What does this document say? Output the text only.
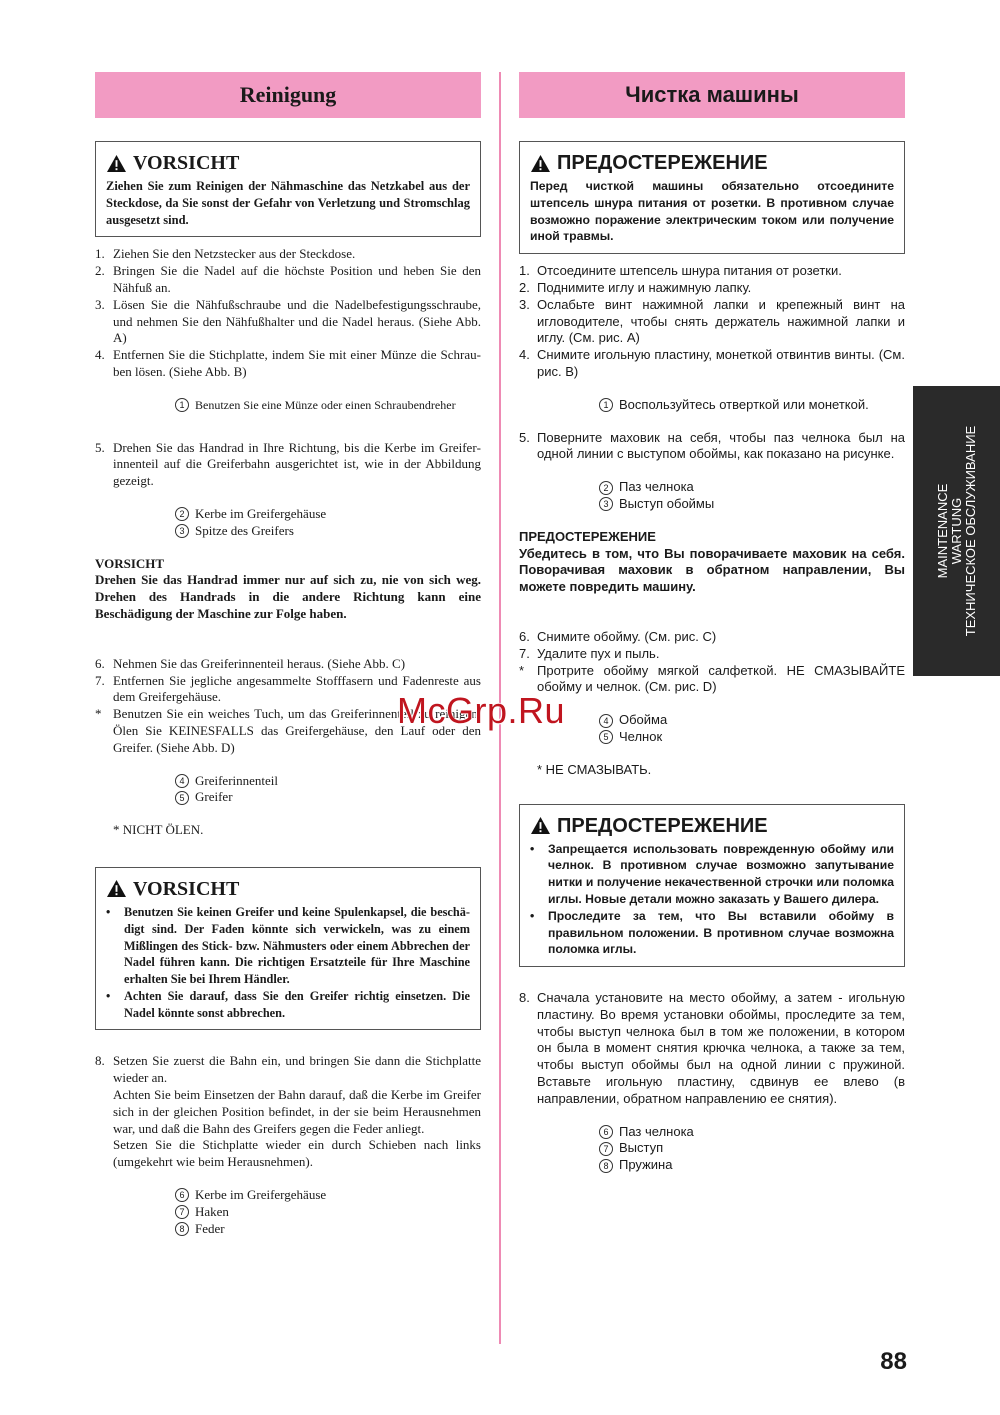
Reinigung
VORSICHT
Ziehen Sie zum Reinigen der Nähmaschine das Netzkabel aus der Steckdose, da Sie sonst der Gefahr von Verletzung und Stromschlag ausgesetzt sind.
1. Ziehen Sie den Netzstecker aus der Steckdose.
2. Bringen Sie die Nadel auf die höchste Position und heben Sie den Nähfuß an.
3. Lösen Sie die Nähfußschraube und die Nadelbefestigungsschraube, und nehmen Sie den Nähfußhalter und die Nadel heraus. (Siehe Abb. A)
4. Entfernen Sie die Stichplatte, indem Sie mit einer Münze die Schrauben lösen. (Siehe Abb. B)
1 Benutzen Sie eine Münze oder einen Schraubendreher
5. Drehen Sie das Handrad in Ihre Richtung, bis die Kerbe im Greiferinnenteil auf die Greiferbahn ausgerichtet ist, wie in der Abbildung gezeigt.
2 Kerbe im Greifergehäuse
3 Spitze des Greifers
VORSICHT
Drehen Sie das Handrad immer nur auf sich zu, nie von sich weg. Drehen des Handrads in die andere Richtung kann eine Beschädigung der Maschine zur Folge haben.
6. Nehmen Sie das Greiferinnenteil heraus. (Siehe Abb. C)
7. Entfernen Sie jegliche angesammelte Stofffasern und Fadenreste aus dem Greifergehäuse.
* Benutzen Sie ein weiches Tuch, um das Greiferinnenteil zu reinigen. Ölen Sie KEINESFALLS das Greifergehäuse, den Lauf oder den Greifer. (Siehe Abb. D)
4 Greiferinnenteil
5 Greifer
* NICHT ÖLEN.
VORSICHT
• Benutzen Sie keinen Greifer und keine Spulenkapsel, die beschädigt sind. Der Faden könnte sich verwickeln, was zu einem Mißlingen des Stick- bzw. Nähmusters oder einem Abbrechen der Nadel führen kann. Die richtigen Ersatzteile für Ihre Maschine erhalten Sie bei Ihrem Händler.
• Achten Sie darauf, dass Sie den Greifer richtig einsetzen. Die Nadel könnte sonst abbrechen.
8. Setzen Sie zuerst die Bahn ein, und bringen Sie dann die Stichplatte wieder an.
Achten Sie beim Einsetzen der Bahn darauf, daß die Kerbe im Greifer sich in der gleichen Position befindet, in der sie beim Herausnehmen war, und daß die Bahn des Greifers gegen die Feder anliegt.
Setzen Sie die Stichplatte wieder ein durch Schieben nach links (umgekehrt wie beim Herausnehmen).
6 Kerbe im Greifergehäuse
7 Haken
8 Feder
Чистка машины
ПРЕДОСТЕРЕЖЕНИЕ
Перед чисткой машины обязательно отсоедините штепсель шнура питания от розетки. В противном случае возможно поражение электрическим током или получение иной травмы.
1. Отсоедините штепсель шнура питания от розетки.
2. Поднимите иглу и нажимную лапку.
3. Ослабьте винт нажимной лапки и крепежный винт на игловодителе, чтобы снять держатель нажимной лапки и иглу. (См. рис. A)
4. Снимите игольную пластину, монеткой отвинтив винты. (См. рис. B)
1 Воспользуйтесь отверткой или монеткой.
5. Поверните маховик на себя, чтобы паз челнока был на одной линии с выступом обоймы, как показано на рисунке.
2 Паз челнока
3 Выступ обоймы
ПРЕДОСТЕРЕЖЕНИЕ
Убедитесь в том, что Вы поворачиваете маховик на себя. Поворачивая маховик в обратном направлении, Вы можете повредить машину.
6. Снимите обойму. (См. рис. C)
7. Удалите пух и пыль.
* Протрите обойму мягкой салфеткой. НЕ СМАЗЫВАЙТЕ обойму и челнок. (См. рис. D)
4 Обойма
5 Челнок
* НЕ СМАЗЫВАТЬ.
ПРЕДОСТЕРЕЖЕНИЕ
• Запрещается использовать поврежденную обойму или челнок. В противном случае возможно запутывание нитки и получение некачественной строчки или поломка иглы. Новые детали можно заказать у Вашего дилера.
• Проследите за тем, что Вы вставили обойму в правильном положении. В противном случае возможна поломка иглы.
8. Сначала установите на место обойму, а затем - игольную пластину. Во время установки обоймы, проследите за тем, чтобы выступ челнока был в том же положении, в котором он была в момент снятия крючка челнока, а также за тем, чтобы выступ обоймы был на одной линии с пружиной. Вставьте игольную пластину, сдвинув ее влево (в направлении, обратном направлению ее снятия).
6 Паз челнока
7 Выступ
8 Пружина
MAINTENANCE WARTUNG ТЕХНИЧЕСКОЕ ОБСЛУЖИВАНИЕ
McGrp.Ru
88
